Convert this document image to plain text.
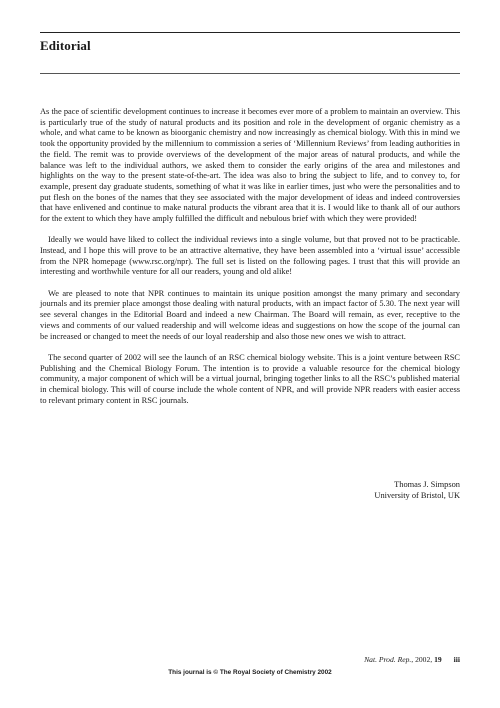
Editorial

As the pace of scientific development continues to increase it becomes ever more of a problem to maintain an overview. This is particularly true of the study of natural products and its position and role in the development of organic chemistry as a whole, and what came to be known as bioorganic chemistry and now increasingly as chemical biology. With this in mind we took the opportunity provided by the millennium to commission a series of ‘Millennium Reviews’ from leading authorities in the field. The remit was to provide overviews of the development of the major areas of natural products, and while the balance was left to the individual authors, we asked them to consider the early origins of the area and milestones and highlights on the way to the present state-of-the-art. The idea was also to bring the subject to life, and to convey to, for example, present day graduate students, something of what it was like in earlier times, just who were the personalities and to put flesh on the bones of the names that they see associated with the major development of ideas and indeed controversies that have enlivened and continue to make natural products the vibrant area that it is. I would like to thank all of our authors for the extent to which they have amply fulfilled the difficult and nebulous brief with which they were provided!

Ideally we would have liked to collect the individual reviews into a single volume, but that proved not to be practicable. Instead, and I hope this will prove to be an attractive alternative, they have been assembled into a ‘virtual issue’ accessible from the NPR homepage (www.rsc.org/npr). The full set is listed on the following pages. I trust that this will provide an interesting and worthwhile venture for all our readers, young and old alike!

We are pleased to note that NPR continues to maintain its unique position amongst the many primary and secondary journals and its premier place amongst those dealing with natural products, with an impact factor of 5.30. The next year will see several changes in the Editorial Board and indeed a new Chairman. The Board will remain, as ever, receptive to the views and comments of our valued readership and will welcome ideas and suggestions on how the scope of the journal can be increased or changed to meet the needs of our loyal readership and also those new ones we wish to attract.

The second quarter of 2002 will see the launch of an RSC chemical biology website. This is a joint venture between RSC Publishing and the Chemical Biology Forum. The intention is to provide a valuable resource for the chemical biology community, a major component of which will be a virtual journal, bringing together links to all the RSC’s published material in chemical biology. This will of course include the whole content of NPR, and will provide NPR readers with easier access to relevant primary content in RSC journals.

Thomas J. Simpson
University of Bristol, UK
Nat. Prod. Rep., 2002, 19 iii
This journal is © The Royal Society of Chemistry 2002
